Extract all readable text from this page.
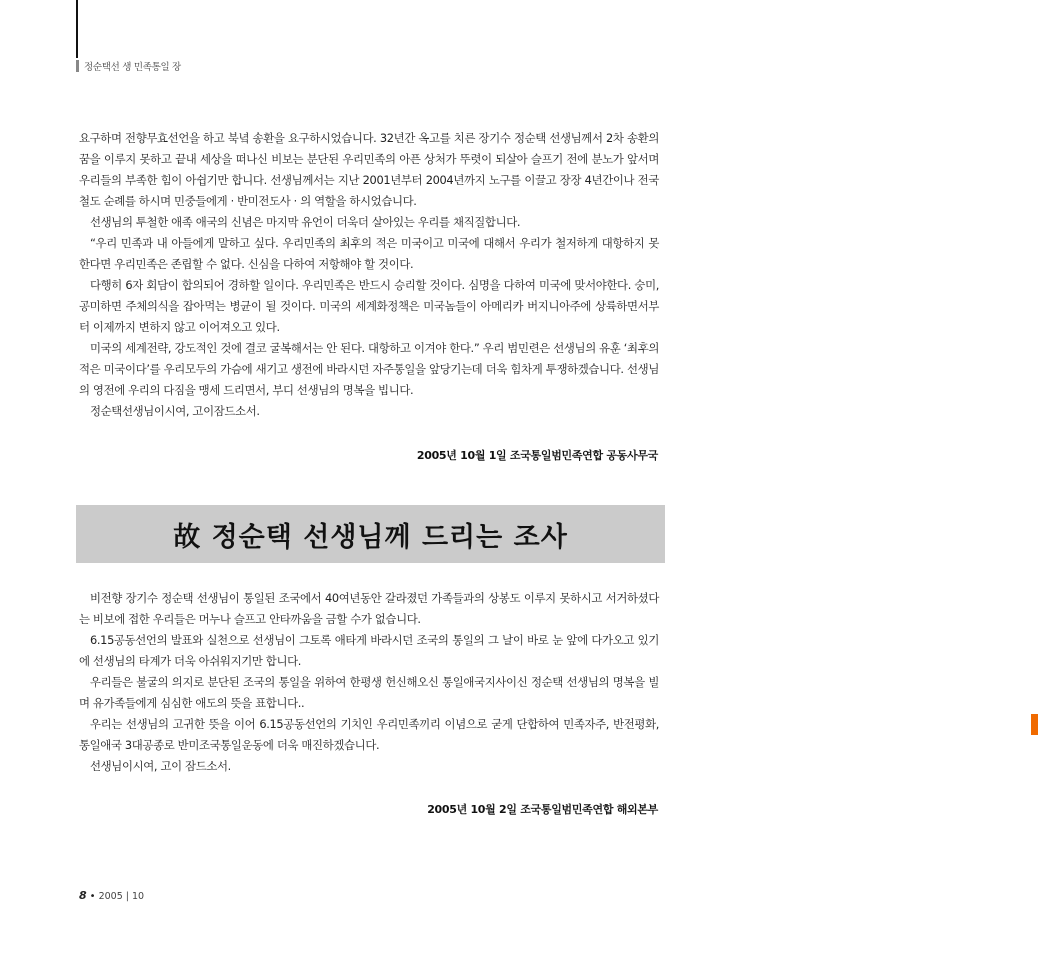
정순택선 생 민족통일 장

요구하며 전향무효선언을 하고 북녘 송환을 요구하시었습니다. 32년간 옥고를 치른 장기수 정순택 선생님께서 2차 송환의 꿈을 이루지 못하고 끝내 세상을 떠나신 비보는 분단된 우리민족의 아픈 상처가 뚜렷이 되살아 슬프기 전에 분노가 앞서며 우리들의 부족한 힘이 아쉽기만 합니다. 선생님께서는 지난 2001년부터 2004년까지 노구를 이끌고 장장 4년간이나 전국철도 순례를 하시며 민중들에게 · 반미전도사 · 의 역할을 하시었습니다.

선생님의 투철한 애족 애국의 신념은 마지막 유언이 더욱더 살아있는 우리를 채직질합니다.

“우리 민족과 내 아들에게 말하고 싶다. 우리민족의 최후의 적은 미국이고 미국에 대해서 우리가 철저하게 대항하지 못한다면 우리민족은 존립할 수 없다. 신심을 다하여 저항해야 할 것이다.

다행히 6자 회담이 합의되어 경하할 일이다. 우리민족은 반드시 승리할 것이다. 심명을 다하여 미국에 맞서야한다. 숭미, 공미하면 주체의식을 잡아먹는 병균이 될 것이다. 미국의 세계화정책은 미국놈들이 아메리카 버지니아주에 상륙하면서부터 이제까지 변하지 않고 이어져오고 있다.

미국의 세계전략, 강도적인 것에 결코 굴복해서는 안 된다. 대항하고 이겨야 한다.” 우리 범민련은 선생님의 유훈 ‘최후의 적은 미국이다’를 우리모두의 가슴에 새기고 생전에 바라시던 자주통일을 앞당기는데 더욱 힘차게 투쟁하겠습니다. 선생님의 영전에 우리의 다짐을 맹세 드리면서, 부디 선생님의 명복을 빕니다.

정순택선생님이시여, 고이잠드소서.

2005년 10월 1일 조국통일범민족연합 공동사무국
故 정순택 선생님께 드리는 조사

비전향 장기수 정순택 선생님이 통일된 조국에서 40여년동안 갈라졌던 가족들과의 상봉도 이루지 못하시고 서거하셨다는 비보에 접한 우리들은 머누나 슬프고 안타까움을 금할 수가 없습니다.

6.15공동선언의 발표와 실천으로 선생님이 그토록 애타게 바라시던 조국의 통일의 그 날이 바로 눈 앞에 다가오고 있기에 선생님의 타계가 더욱 아쉬워지기만 합니다.

우리들은 불굴의 의지로 분단된 조국의 통일을 위하여 한평생 헌신해오신 통일애국지사이신 정순택 선생님의 명복을 빌며 유가족들에게 심심한 애도의 뜻을 표합니다..

우리는 선생님의 고귀한 뜻을 이어 6.15공동선언의 기치인 우리민족끼리 이념으로 굳게 단합하여 민족자주, 반전평화, 통일애국 3대공종로 반미조국통일운동에 더욱 매진하겠습니다.

선생님이시여, 고이 잠드소서.

2005년 10월 2일 조국통일범민족연합 해외본부
8 • 2005 | 10
